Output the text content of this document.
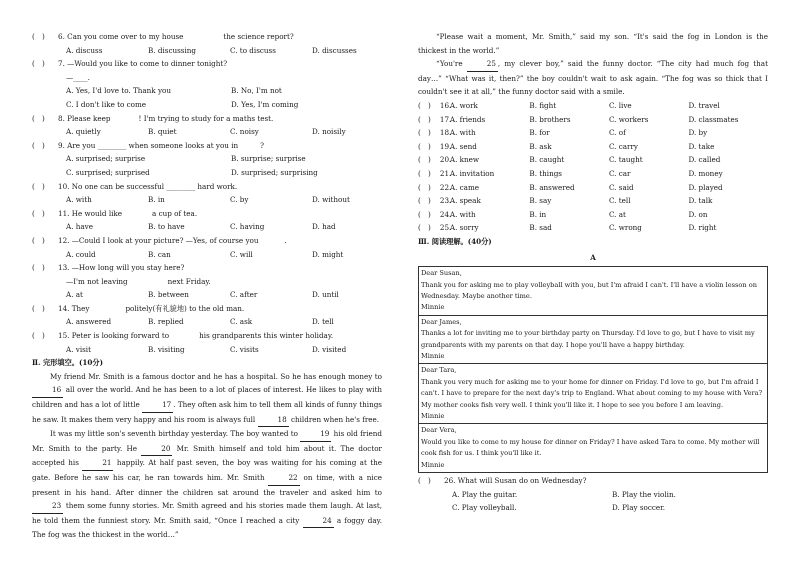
(　)	6. Can you come over to my house	the science report?
A. discuss	B. discussing	C. to discuss	D. discusses
(　)	7. —Would you like to come to dinner tonight?
—____.
A. Yes, I'd love to. Thank you	B. No, I'm not
C. I don't like to come	D. Yes, I'm coming
(　)	8. Please keep	! I'm trying to study for a maths test.
A. quietly	B. quiet	C. noisy	D. noisily
(　)	9. Are you ________ when someone looks at you in	?
A. surprised; surprise	B. surprise; surprise
C. surprised; surprised	D. surprised; surprising
(　)	10. No one can be successful ________ hard work.
A. with	B. in	C. by	D. without
(　)	11. He would like	a cup of tea.
A. have	B. to have	C. having	D. had
(　)	12. —Could I look at your picture? —Yes, of course you	.
A. could	B. can	C. will	D. might
(　)	13. —How long will you stay here?
—I'm not leaving	next Friday.
A. at	B. between	C. after	D. until
(　)	14. They	politely(有礼貌地) to the old man.
A. answered	B. replied	C. ask	D. tell
(　)	15. Peter is looking forward to	his grandparents this winter holiday.
A. visit	B. visiting	C. visits	D. visited
Ⅱ. 完形填空。(10分)

My friend Mr. Smith is a famous doctor and he has a hospital. So he has enough money to 16 all over the world. And he has been to a lot of places of interest. He likes to play with children and has a lot of little	17 . They often ask him to tell them all kinds of funny things he saw. It makes them very happy and his room is always full	18 children when he's free.

It was my little son's seventh birthday yesterday. The boy wanted to	19 his old friend Mr. Smith to the party. He	20 Mr. Smith himself and told him about it. The doctor accepted his	21 happily. At half past seven, the boy was waiting for his coming at the gate. Before he saw his car, he ran towards him. Mr. Smith	22 on time, with a nice present in his hand. After dinner the children sat around the traveler and asked him to 23 them some funny stories. Mr. Smith agreed and his stories made them laugh. At last, he told them the funniest story. Mr. Smith said, “Once I reached a city	24 a foggy day. The fog was the thickest in the world…”

“Please wait a moment, Mr. Smith,” said my son. “It's said the fog in London is the thickest in the world.”

“You're	25 , my clever boy,” said the funny doctor. “The city had much fog that day…” “What was it, then?” the boy couldn't wait to ask again. “The fog was so thick that I couldn't see it at all,” the funny doctor said with a smile.

(　)	16.
A. work	B. fight	C. live	D. travel
(　)	17.
A. friends	B. brothers	C. workers	D. classmates
(　)	18.
A. with	B. for	C. of	D. by
(　)	19.
A. send	B. ask	C. carry	D. take
(　)	20.
A. knew	B. caught	C. taught	D. called
(　)	21.
A. invitation	B. things	C. car	D. money
(　)	22.
A. came	B. answered	C. said	D. played
(　)	23.
A. speak	B. say	C. tell	D. talk
(　)	24.
A. with	B. in	C. at	D. on
(　)	25.
A. sorry	B. sad	C. wrong	D. right
Ⅲ. 阅读理解。(40分)
A

Dear Susan,

Thank you for asking me to play volleyball with you, but I'm afraid I can't. I'll have a violin lesson on Wednesday. Maybe another time.

Minnie

Dear James,

Thanks a lot for inviting me to your birthday party on Thursday. I'd love to go, but I have to visit my grandparents with my parents on that day. I hope you'll have a happy birthday.

Minnie

Dear Tara,

Thank you very much for asking me to your home for dinner on Friday. I'd love to go, but I'm afraid I can't. I have to prepare for the next day's trip to England. What about coming to my house with Vera? My mother cooks fish very well. I think you'll like it. I hope to see you before I am leaving.

Minnie

Dear Vera,

Would you like to come to my house for dinner on Friday? I have asked Tara to come. My mother will cook fish for us. I think you'll like it.

Minnie

(　)	26. What will Susan do on Wednesday?
A. Play the guitar.	B. Play the violin.
C. Play volleyball.	D. Play soccer.
